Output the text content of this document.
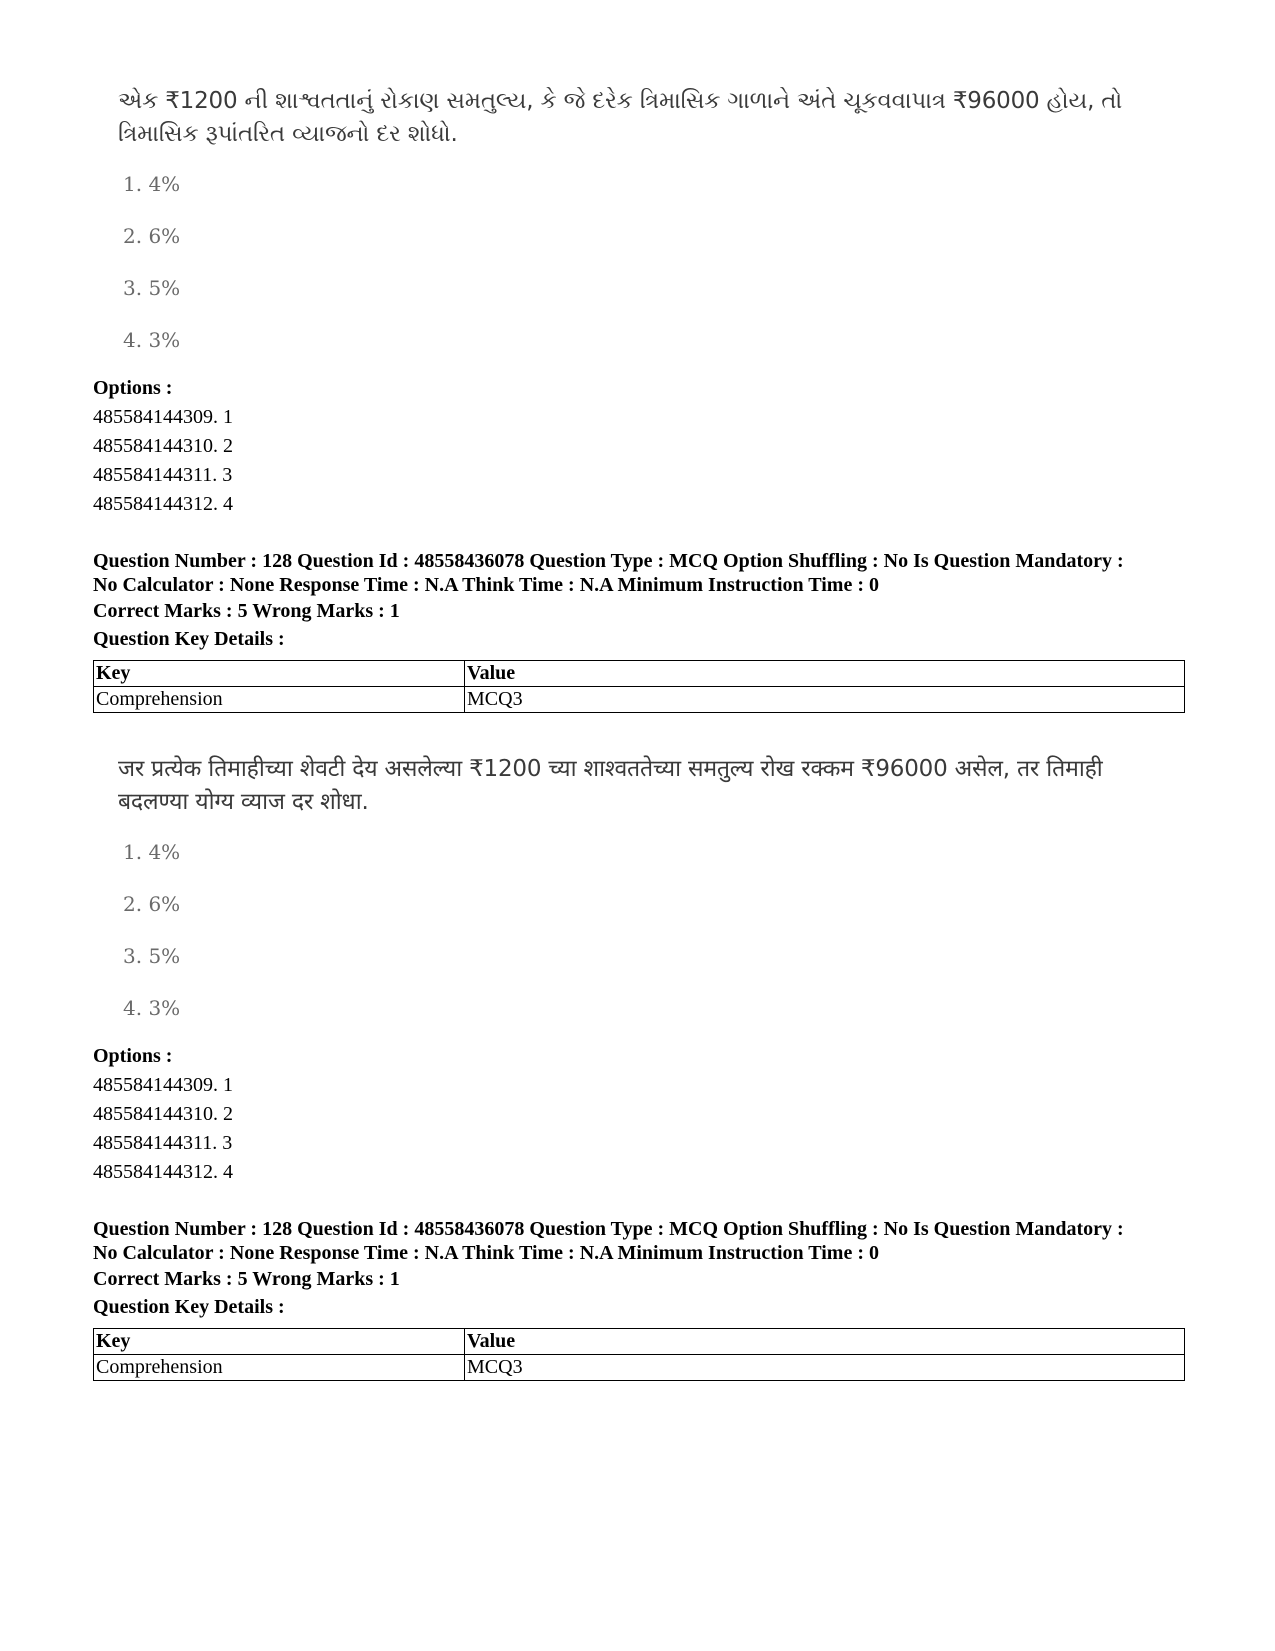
એક ₹1200 ની શાશ્વતતાનું રોકાણ સમતુલ્ય, કે જે દરેક ત્રિમાસિક ગાળાને અંતે ચૂકવવાપાત્ર ₹96000 હોય, તો ત્રિમાસિક રૂપાંતરિત વ્યાજનો દર શોધો.
1. 4%
2. 6%
3. 5%
4. 3%
Options :
485584144309. 1
485584144310. 2
485584144311. 3
485584144312. 4
Question Number : 128 Question Id : 48558436078 Question Type : MCQ Option Shuffling : No Is Question Mandatory :
No Calculator : None Response Time : N.A Think Time : N.A Minimum Instruction Time : 0
Correct Marks : 5 Wrong Marks : 1
Question Key Details :
Key	Value
Comprehension	MCQ3
जर प्रत्येक तिमाहीच्या शेवटी देय असलेल्या ₹1200 च्या शाश्वततेच्या समतुल्य रोख रक्कम ₹96000 असेल, तर तिमाही बदलण्या योग्य व्याज दर शोधा.
1. 4%
2. 6%
3. 5%
4. 3%
Options :
485584144309. 1
485584144310. 2
485584144311. 3
485584144312. 4
Question Number : 128 Question Id : 48558436078 Question Type : MCQ Option Shuffling : No Is Question Mandatory :
No Calculator : None Response Time : N.A Think Time : N.A Minimum Instruction Time : 0
Correct Marks : 5 Wrong Marks : 1
Question Key Details :
Key	Value
Comprehension	MCQ3
